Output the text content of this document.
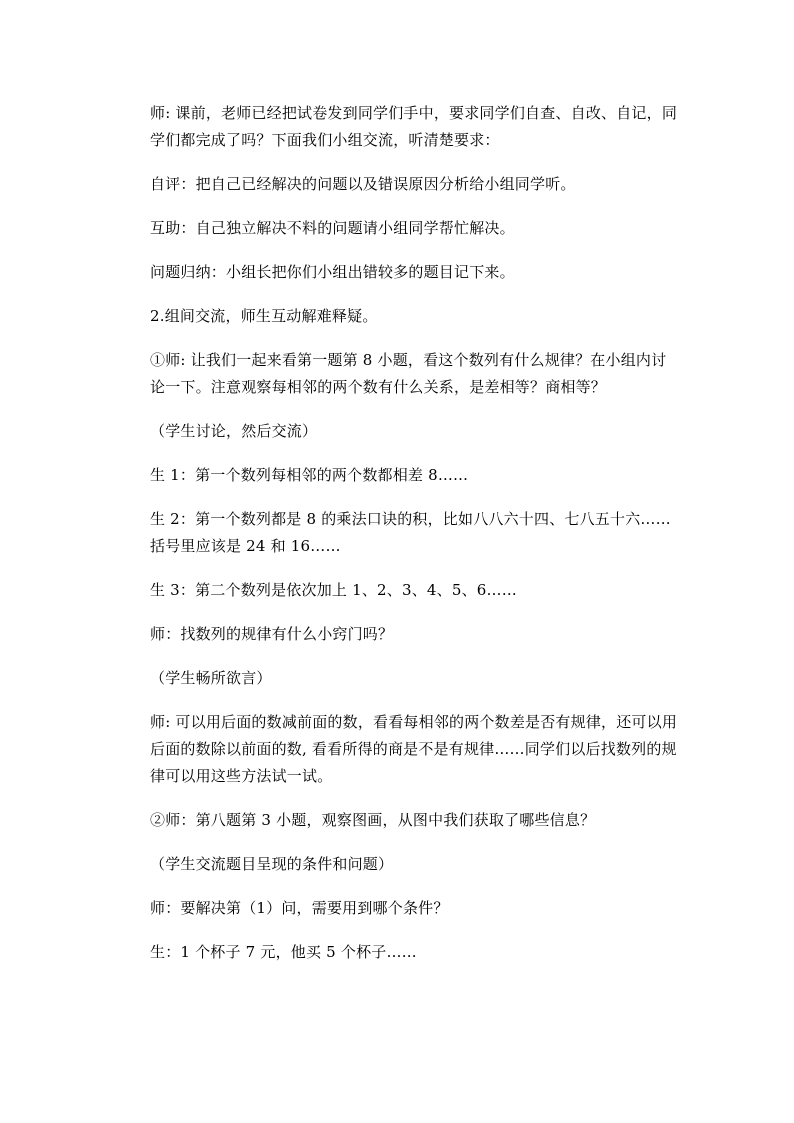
师: 课前，老师已经把试卷发到同学们手中，要求同学们自查、自改、自记，同学们都完成了吗？下面我们小组交流，听清楚要求：

自评：把自己已经解决的问题以及错误原因分析给小组同学听。

互助：自己独立解决不料的问题请小组同学帮忙解决。

问题归纳：小组长把你们小组出错较多的题目记下来。

2.组间交流，师生互动解难释疑。

①师: 让我们一起来看第一题第 8 小题，看这个数列有什么规律？在小组内讨论一下。注意观察每相邻的两个数有什么关系，是差相等？商相等？

（学生讨论，然后交流）

生 1：第一个数列每相邻的两个数都相差 8……

生 2：第一个数列都是 8 的乘法口诀的积，比如八八六十四、七八五十六……括号里应该是 24 和 16……

生 3：第二个数列是依次加上 1、2、3、4、5、6……

师：找数列的规律有什么小窍门吗？

（学生畅所欲言）

师: 可以用后面的数减前面的数，看看每相邻的两个数差是否有规律，还可以用后面的数除以前面的数, 看看所得的商是不是有规律……同学们以后找数列的规律可以用这些方法试一试。

②师：第八题第 3 小题，观察图画，从图中我们获取了哪些信息？

（学生交流题目呈现的条件和问题）

师：要解决第（1）问，需要用到哪个条件？

生：1 个杯子 7 元，他买 5 个杯子……
